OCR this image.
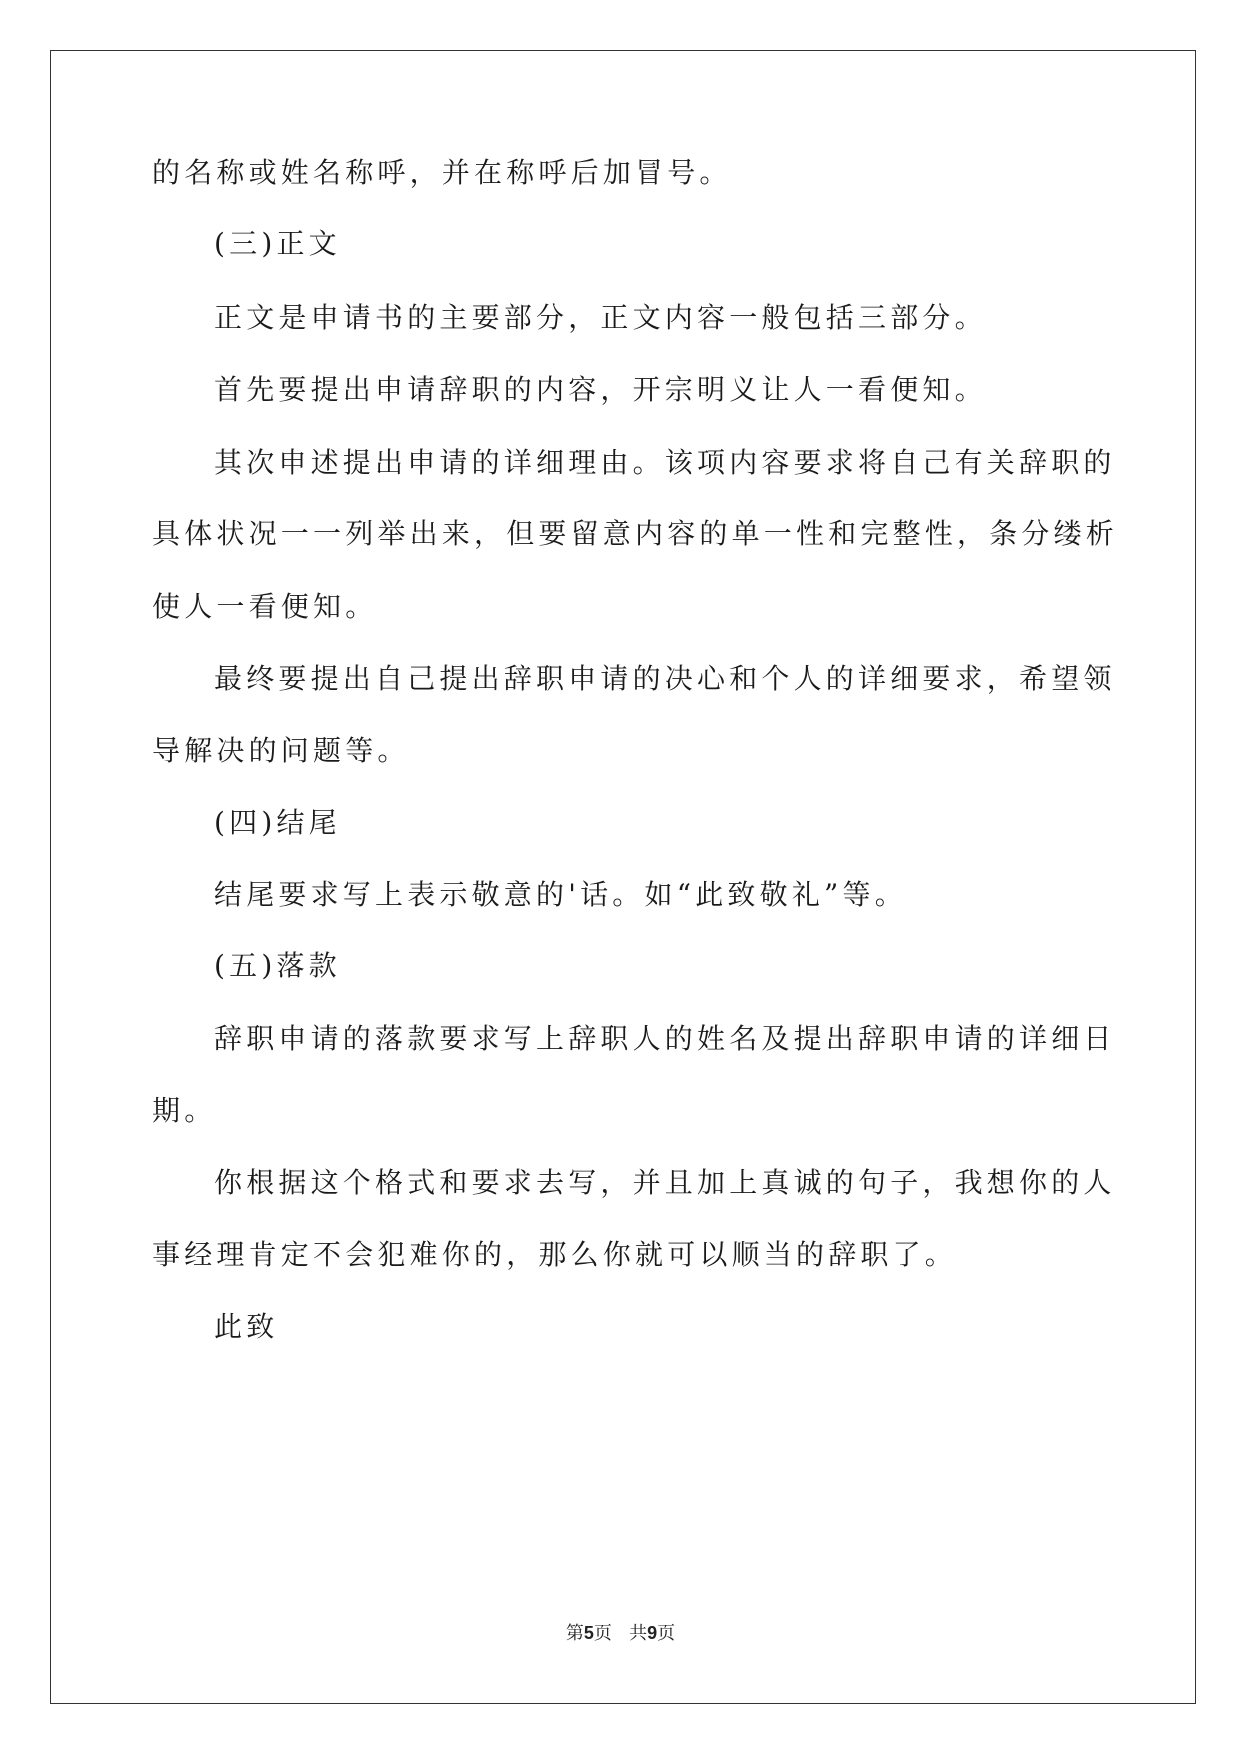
的名称或姓名称呼，并在称呼后加冒号。
(三)正文
正文是申请书的主要部分，正文内容一般包括三部分。
首先要提出申请辞职的内容，开宗明义让人一看便知。
其次申述提出申请的详细理由。该项内容要求将自己有关辞职的
具体状况一一列举出来，但要留意内容的单一性和完整性，条分缕析
使人一看便知。
最终要提出自己提出辞职申请的决心和个人的详细要求，希望领
导解决的问题等。
(四)结尾
结尾要求写上表示敬意的'话。如“此致敬礼”等。
(五)落款
辞职申请的落款要求写上辞职人的姓名及提出辞职申请的详细日
期。
你根据这个格式和要求去写，并且加上真诚的句子，我想你的人
事经理肯定不会犯难你的，那么你就可以顺当的辞职了。
此致
第5页 共9页
